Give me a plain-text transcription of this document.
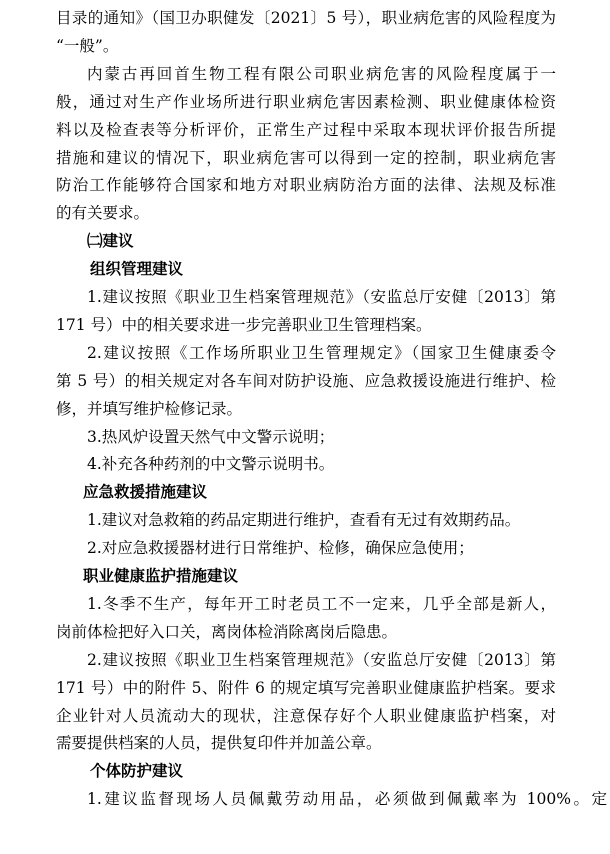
目录的通知》（国卫办职健发〔2021〕5 号），职业病危害的风险程度为
“一般”。
内蒙古再回首生物工程有限公司职业病危害的风险程度属于一
般，通过对生产作业场所进行职业病危害因素检测、职业健康体检资
料以及检查表等分析评价，正常生产过程中采取本现状评价报告所提
措施和建议的情况下，职业病危害可以得到一定的控制，职业病危害
防治工作能够符合国家和地方对职业病防治方面的法律、法规及标准
的有关要求。
㈡建议
组织管理建议
1.建议按照《职业卫生档案管理规范》（安监总厅安健〔2013〕第
171 号）中的相关要求进一步完善职业卫生管理档案。
2.建议按照《工作场所职业卫生管理规定》（国家卫生健康委令
第 5 号）的相关规定对各车间对防护设施、应急救援设施进行维护、检
修，并填写维护检修记录。
3.热风炉设置天然气中文警示说明；
4.补充各种药剂的中文警示说明书。
应急救援措施建议
1.建议对急救箱的药品定期进行维护，查看有无过有效期药品。
2.对应急救援器材进行日常维护、检修，确保应急使用；
职业健康监护措施建议
1.冬季不生产，每年开工时老员工不一定来，几乎全部是新人，
岗前体检把好入口关，离岗体检消除离岗后隐患。
2.建议按照《职业卫生档案管理规范》（安监总厅安健〔2013〕第
171 号）中的附件 5、附件 6 的规定填写完善职业健康监护档案。要求
企业针对人员流动大的现状，注意保存好个人职业健康监护档案，对
需要提供档案的人员，提供复印件并加盖公章。
个体防护建议
1.建议监督现场人员佩戴劳动用品，必须做到佩戴率为 100%。定
